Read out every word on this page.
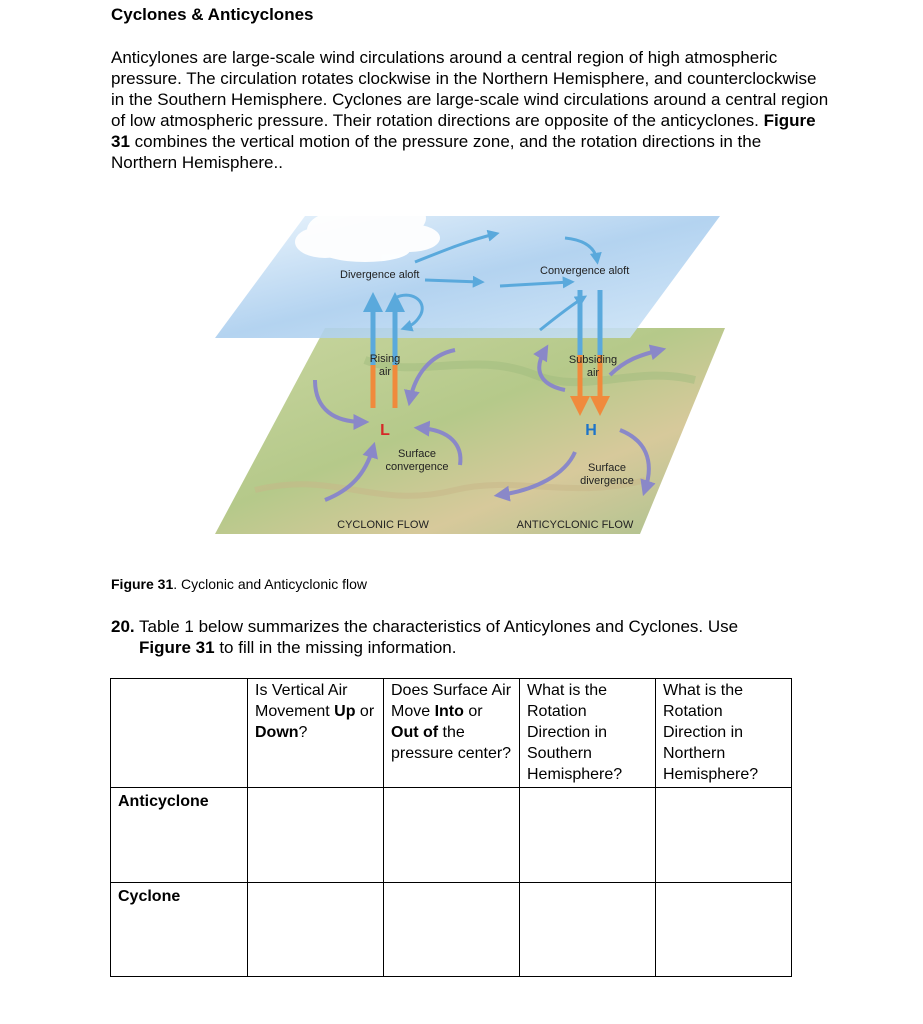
Cyclones & Anticyclones

Anticylones are large-scale wind circulations around a central region of high atmospheric pressure. The circulation rotates clockwise in the Northern Hemisphere, and counterclockwise in the Southern Hemisphere. Cyclones are large-scale wind circulations around a central region of low atmospheric pressure. Their rotation directions are opposite of the anticyclones. Figure 31 combines the vertical motion of the pressure zone, and the rotation directions in the Northern Hemisphere..

Divergence aloft	Convergence aloft
Rising
air
Subsiding
air
L	H
Surface
convergence	Surface
divergence
CYCLONIC FLOW	ANTICYCLONIC FLOW
Figure 31. Cyclonic and Anticyclonic flow
20. Table 1 below summarizes the characteristics of Anticylones and Cyclones. Use
Figure 31 to fill in the missing information.
	Is Vertical Air Movement Up or Down?	Does Surface Air Move Into or Out of the pressure center?	What is the Rotation Direction in Southern Hemisphere?	What is the Rotation Direction in Northern Hemisphere?
Anticyclone				
Cyclone				
